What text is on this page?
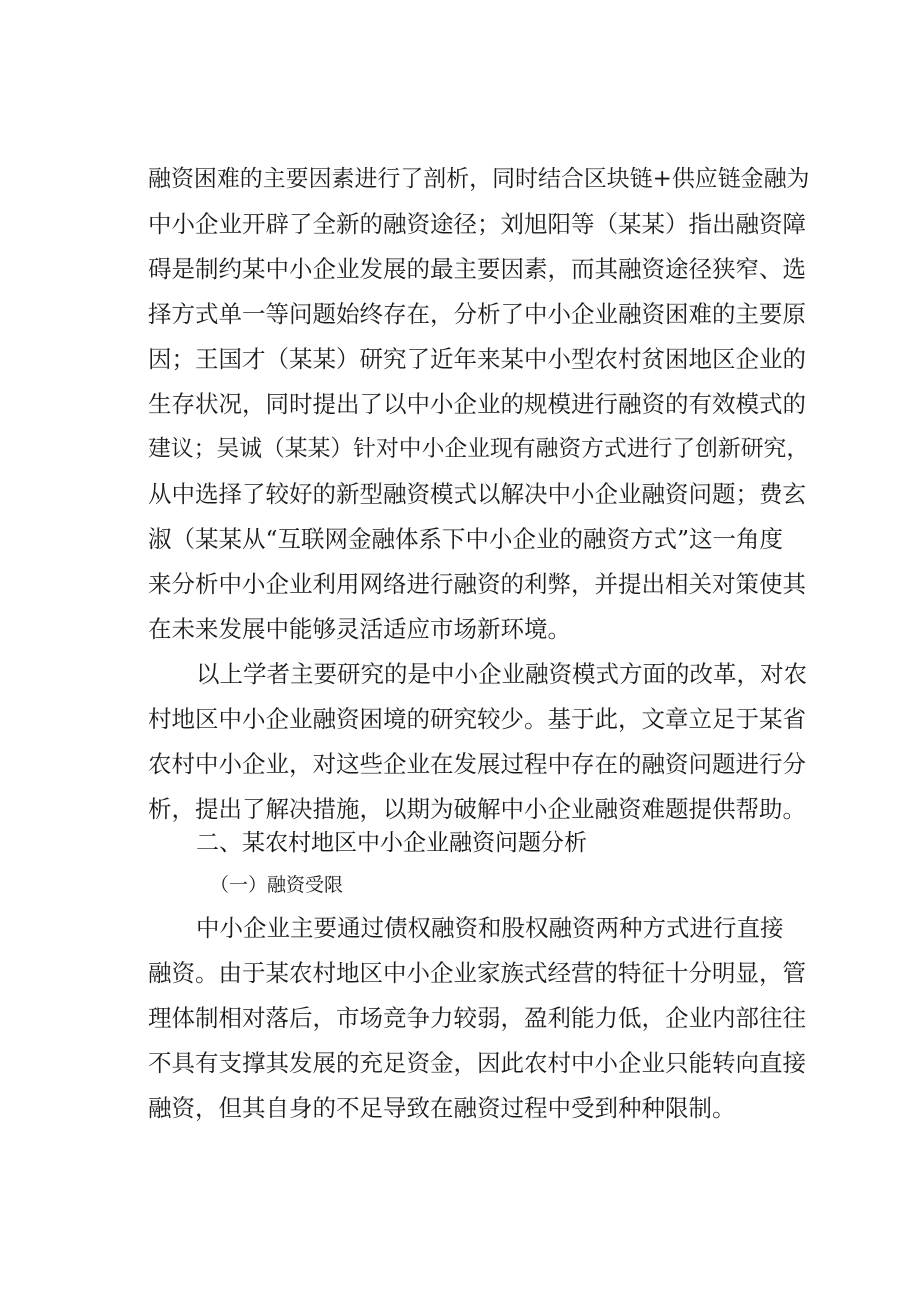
融资困难的主要因素进行了剖析，同时结合区块链+供应链金融为
中小企业开辟了全新的融资途径；刘旭阳等（某某）指出融资障
碍是制约某中小企业发展的最主要因素，而其融资途径狭窄、选
择方式单一等问题始终存在，分析了中小企业融资困难的主要原
因；王国才（某某）研究了近年来某中小型农村贫困地区企业的
生存状况，同时提出了以中小企业的规模进行融资的有效模式的
建议；吴诚（某某）针对中小企业现有融资方式进行了创新研究，
从中选择了较好的新型融资模式以解决中小企业融资问题；费玄
淑（某某从“互联网金融体系下中小企业的融资方式”这一角度
来分析中小企业利用网络进行融资的利弊，并提出相关对策使其
在未来发展中能够灵活适应市场新环境。
以上学者主要研究的是中小企业融资模式方面的改革，对农
村地区中小企业融资困境的研究较少。基于此，文章立足于某省
农村中小企业，对这些企业在发展过程中存在的融资问题进行分
析，提出了解决措施，以期为破解中小企业融资难题提供帮助。
二、某农村地区中小企业融资问题分析
（一）融资受限
中小企业主要通过债权融资和股权融资两种方式进行直接
融资。由于某农村地区中小企业家族式经营的特征十分明显，管
理体制相对落后，市场竞争力较弱，盈利能力低，企业内部往往
不具有支撑其发展的充足资金，因此农村中小企业只能转向直接
融资，但其自身的不足导致在融资过程中受到种种限制。
